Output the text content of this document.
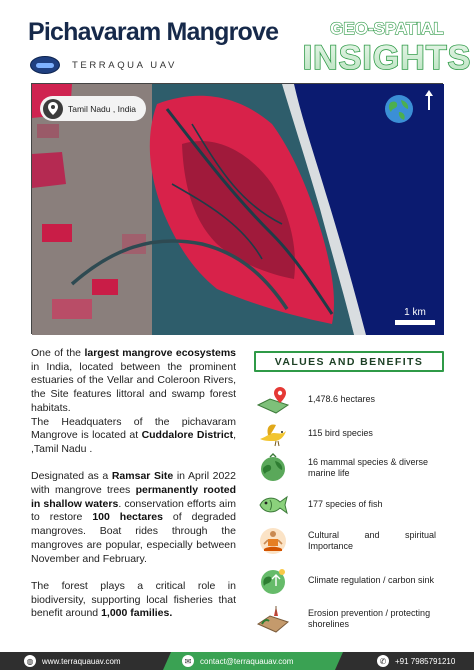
Pichavaram Mangrove
TERRAQUA UAV
GEO-SPATIAL
INSIGHTS
Tamil Nadu , India
1 km

One of the largest mangrove ecosystems in India, located between the prominent estuaries of the Vellar and Coleroon Rivers, the Site features littoral and swamp forest habitats.

The Headquaters of the pichavaram Mangrove is located at Cuddalore District, ,Tamil Nadu .

Designated as a Ramsar Site in April 2022 with mangrove trees permanently rooted in shallow waters. conservation efforts aim to restore 100 hectares of degraded mangroves. Boat rides through the mangroves are popular, especially between November and February.

The forest plays a critical role in biodiversity, supporting local fisheries that benefit around 1,000 families.

VALUES AND BENEFITS
1,478.6 hectares
115 bird species
16 mammal species & diverse marine life
177 species of fish
Cultural and spiritual Importance
Climate regulation / carbon sink
Erosion prevention / protecting shorelines
◍	www.terraquauav.com	✉	contact@terraquauav.com	✆	+91 7985791210
